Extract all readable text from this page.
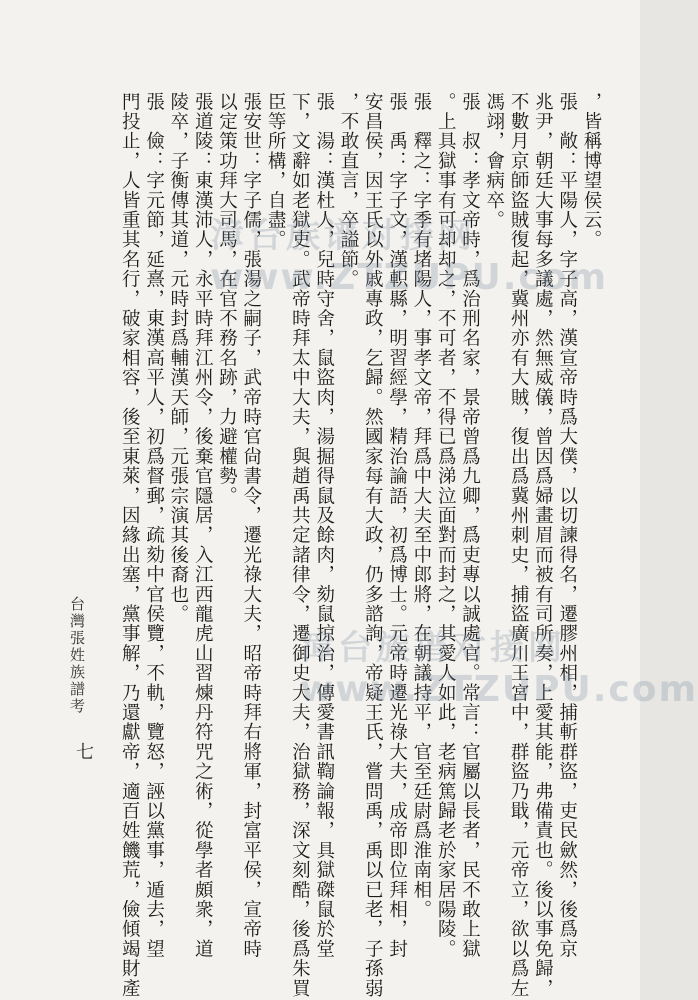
台灣張姓族譜考
七
，皆稱博望侯云。
張　敞：平陽人，字子高，漢宣帝時爲大僕，以切諫得名，遷膠州相，捕斬群盜，吏民歛然，後爲京
兆尹，朝廷大事每多議處，然無威儀，曾因爲婦畫眉而被有司所奏，上愛其能，弗備責也。後以事免歸，
不數月京師盜賊復起，冀州亦有大賊，復出爲冀州刺史，捕盜廣川王宮中，群盜乃戢，元帝立，欲以爲左
馮翊，會病卒。
張　叔：孝文帝時，爲治刑名家，景帝曾爲九卿，爲吏專以誠處官。常言：官屬以長者，民不敢上獄
。上具獄事有可却却之，不可者，不得已爲涕泣面對而封之，其愛人如此，老病篤歸老於家居陽陵。
張　釋之：字季有堵陽人，事孝文帝，拜爲中大夫至中郎將，在朝議持平，官至廷尉爲淮南相。
張　禹：字子文，漢軹縣，明習經學，精治論語，初爲博士。元帝時遷光祿大夫，成帝即位拜相，封
安昌侯，因王氏以外戚專政，乞歸。然國家每有大政，仍多諮詢，帝疑王氏，嘗問禹，禹以已老，子孫弱
，不敢直言，卒謚節。
張　湯：漢杜人，兒時守舍，鼠盜肉，湯掘得鼠及餘肉，劾鼠掠治，傳愛書訊鞫論報，具獄磔鼠於堂
下，文辭如老獄吏。武帝時拜太中大夫，與趙禹共定諸律令，遷御史大夫，治獄務，深文刻酷，後爲朱買
臣等所構，自盡。
張安世：字子儒，張湯之嗣子，武帝時官尙書令，遷光祿大夫，昭帝時拜右將軍，封富平侯，宣帝時
以定策功拜大司馬，在官不務名跡，力避權勢。
張道陵：東漢沛人，永平時拜江州令，後棄官隱居，入江西龍虎山習煉丹符咒之術，從學者頗衆，道
陵卒，子衡傳其道，元時封爲輔漢天師，元張宗演其後裔也。
張　儉：字元節，延熹，東漢高平人，初爲督郵，疏劾中官侯覽，不軌，覽怒，誣以黨事，遁去，望
門投止，人皆重其名行，破家相容，後至東萊，因緣出塞，黨事解，乃還獻帝，適百姓饑荒，儉傾竭財產 漳台族谱对接网
www.ZTZUPU.com
漳台族谱对接网
www.ZTZUPU.com
